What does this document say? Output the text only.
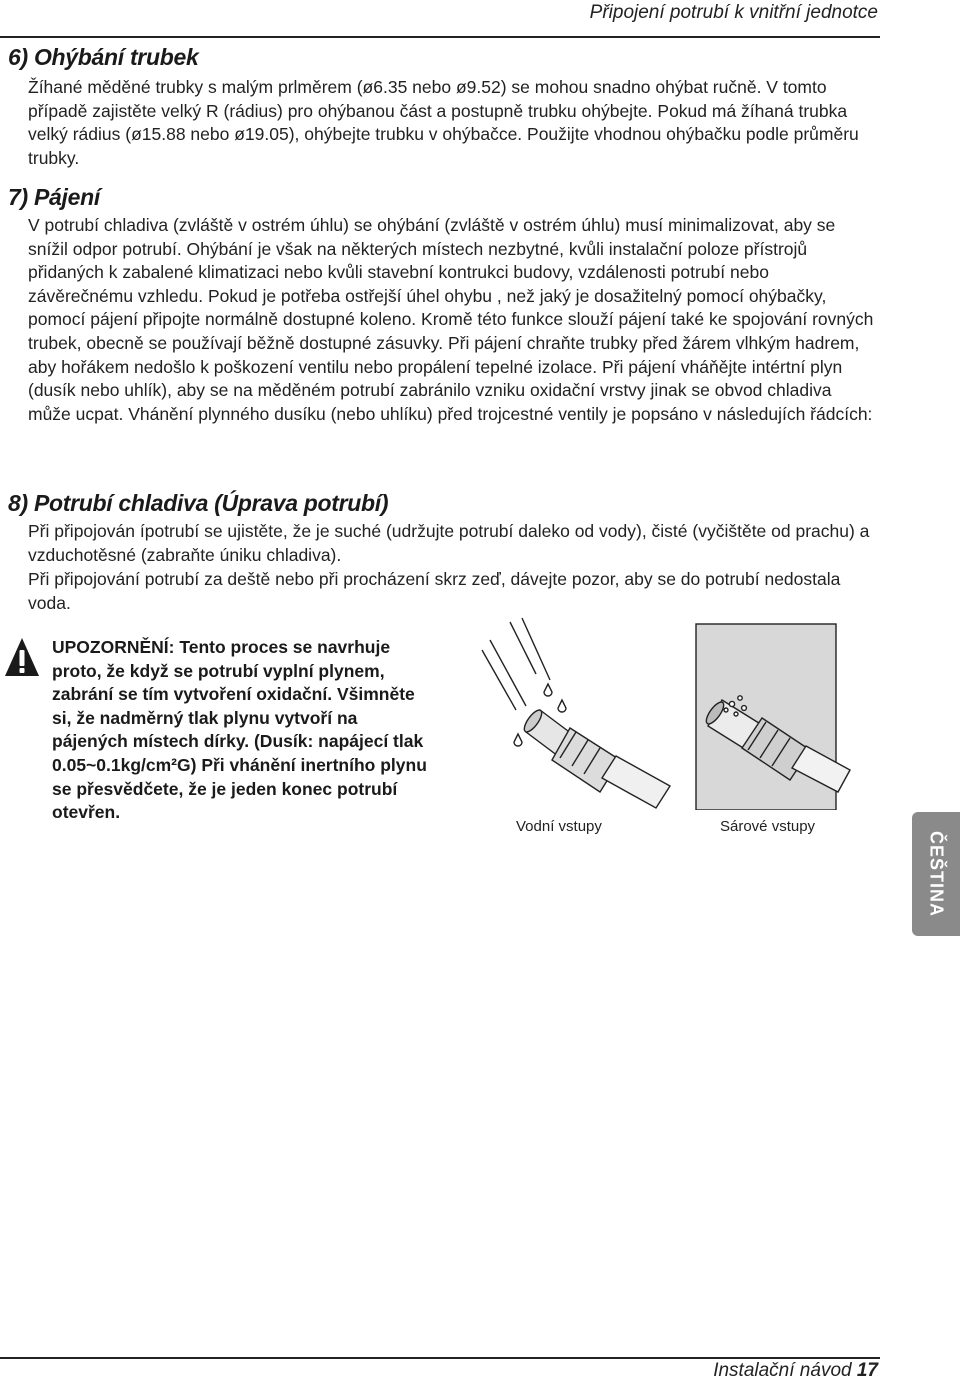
Připojení potrubí k vnitřní jednotce
6) Ohýbání trubek

Žíhané měděné trubky s malým prlměrem (ø6.35 nebo ø9.52) se mohou snadno ohýbat ručně. V tomto případě zajistěte velký R (rádius) pro ohýbanou část a postupně trubku ohýbejte. Pokud má žíhaná trubka velký rádius (ø15.88 nebo ø19.05), ohýbejte trubku v ohýbačce. Použijte vhodnou ohýbačku podle průměru trubky.

7) Pájení

V potrubí chladiva (zvláště v ostrém úhlu) se ohýbání (zvláště v ostrém úhlu) musí minimalizovat, aby se snížil odpor potrubí. Ohýbání je však na některých místech nezbytné, kvůli instalační poloze přístrojů přidaných k zabalené klimatizaci nebo kvůli stavební kontrukci budovy, vzdálenosti potrubí nebo závěrečnému vzhledu. Pokud je potřeba ostřejší úhel ohybu , než jaký je dosažitelný pomocí ohýbačky, pomocí pájení připojte normálně dostupné koleno. Kromě této funkce slouží pájení také ke spojování rovných trubek, obecně se používají běžně dostupné zásuvky. Při pájení chraňte trubky před žárem vlhkým hadrem, aby hořákem nedošlo k poškození ventilu nebo propálení tepelné izolace. Při pájení vháňějte intértní plyn (dusík nebo uhlík), aby se na měděném potrubí zabránilo vzniku oxidační vrstvy jinak se obvod chladiva může ucpat. Vhánění plynného dusíku (nebo uhlíku) před trojcestné ventily je popsáno v následujích řádcích:

8) Potrubí chladiva (Úprava potrubí)

Při připojován ípotrubí se ujistěte, že je suché (udržujte potrubí daleko od vody), čisté (vyčištěte od prachu) a vzduchotěsné (zabraňte úniku chladiva).

Při připojování potrubí za deště nebo při procházení skrz zeď, dávejte pozor, aby se do potrubí nedostala voda.

UPOZORNĚNÍ: Tento proces se navrhuje proto, že když se potrubí vyplní plynem, zabrání se tím vytvoření oxidační. Všimněte si, že nadměrný tlak plynu vytvoří na pájených místech dírky. (Dusík: napájecí tlak 0.05~0.1kg/cm²G) Při vhánění inertního plynu se přesvědčete, že je jeden konec potrubí otevřen.

Vodní vstupy	Sárové vstupy
ČEŠTINA
Instalační návod 17
